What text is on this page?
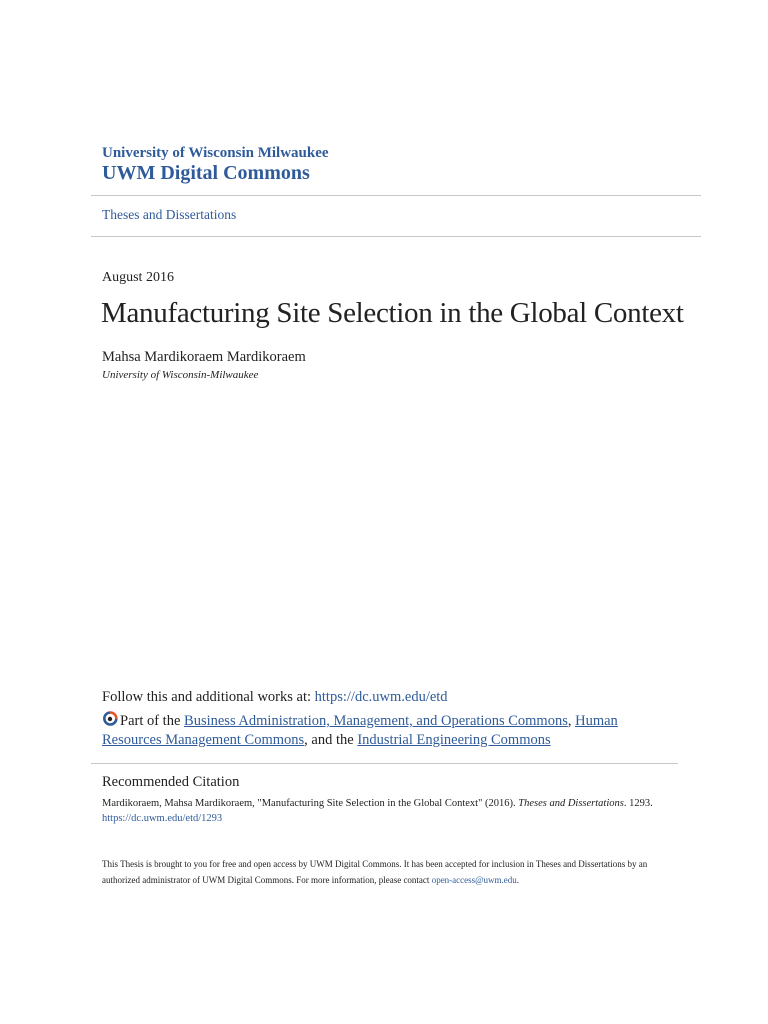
University of Wisconsin Milwaukee
UWM Digital Commons
Theses and Dissertations
August 2016
Manufacturing Site Selection in the Global Context
Mahsa Mardikoraem Mardikoraem
University of Wisconsin-Milwaukee
Follow this and additional works at: https://dc.uwm.edu/etd
Part of the Business Administration, Management, and Operations Commons, Human Resources Management Commons, and the Industrial Engineering Commons
Recommended Citation
Mardikoraem, Mahsa Mardikoraem, "Manufacturing Site Selection in the Global Context" (2016). Theses and Dissertations. 1293.
https://dc.uwm.edu/etd/1293
This Thesis is brought to you for free and open access by UWM Digital Commons. It has been accepted for inclusion in Theses and Dissertations by an authorized administrator of UWM Digital Commons. For more information, please contact open-access@uwm.edu.
